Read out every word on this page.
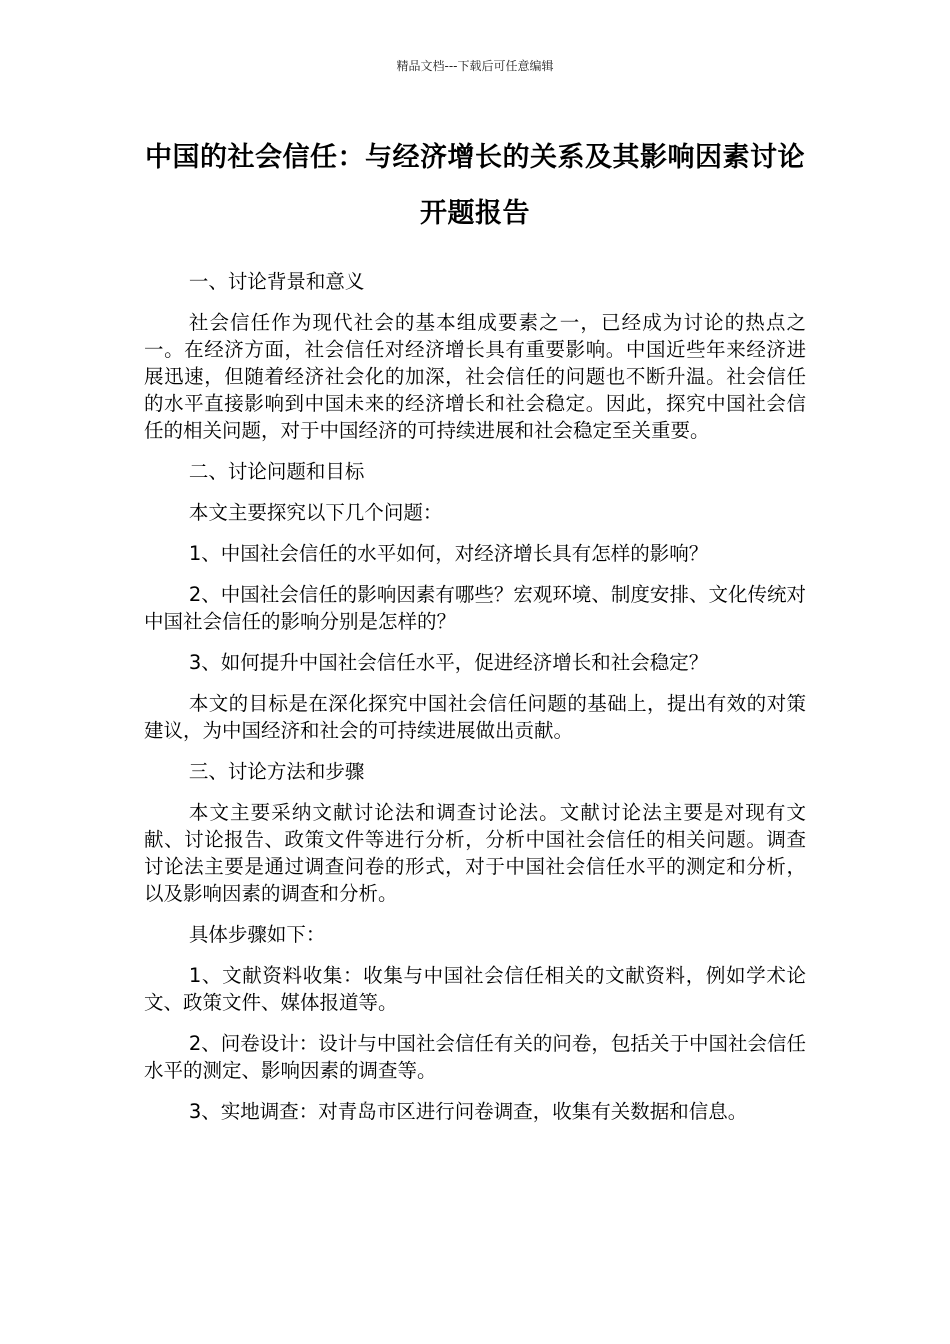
精品文档---下载后可任意编辑
中国的社会信任：与经济增长的关系及其影响因素讨论开题报告

一、讨论背景和意义

社会信任作为现代社会的基本组成要素之一，已经成为讨论的热点之一。在经济方面，社会信任对经济增长具有重要影响。中国近些年来经济进展迅速，但随着经济社会化的加深，社会信任的问题也不断升温。社会信任的水平直接影响到中国未来的经济增长和社会稳定。因此，探究中国社会信任的相关问题，对于中国经济的可持续进展和社会稳定至关重要。

二、讨论问题和目标

本文主要探究以下几个问题：

1、中国社会信任的水平如何，对经济增长具有怎样的影响？

2、中国社会信任的影响因素有哪些？宏观环境、制度安排、文化传统对中国社会信任的影响分别是怎样的？

3、如何提升中国社会信任水平，促进经济增长和社会稳定？

本文的目标是在深化探究中国社会信任问题的基础上，提出有效的对策建议，为中国经济和社会的可持续进展做出贡献。

三、讨论方法和步骤

本文主要采纳文献讨论法和调查讨论法。文献讨论法主要是对现有文献、讨论报告、政策文件等进行分析，分析中国社会信任的相关问题。调查讨论法主要是通过调查问卷的形式，对于中国社会信任水平的测定和分析，以及影响因素的调查和分析。

具体步骤如下：

1、文献资料收集：收集与中国社会信任相关的文献资料，例如学术论文、政策文件、媒体报道等。

2、问卷设计：设计与中国社会信任有关的问卷，包括关于中国社会信任水平的测定、影响因素的调查等。

3、实地调查：对青岛市区进行问卷调查，收集有关数据和信息。
